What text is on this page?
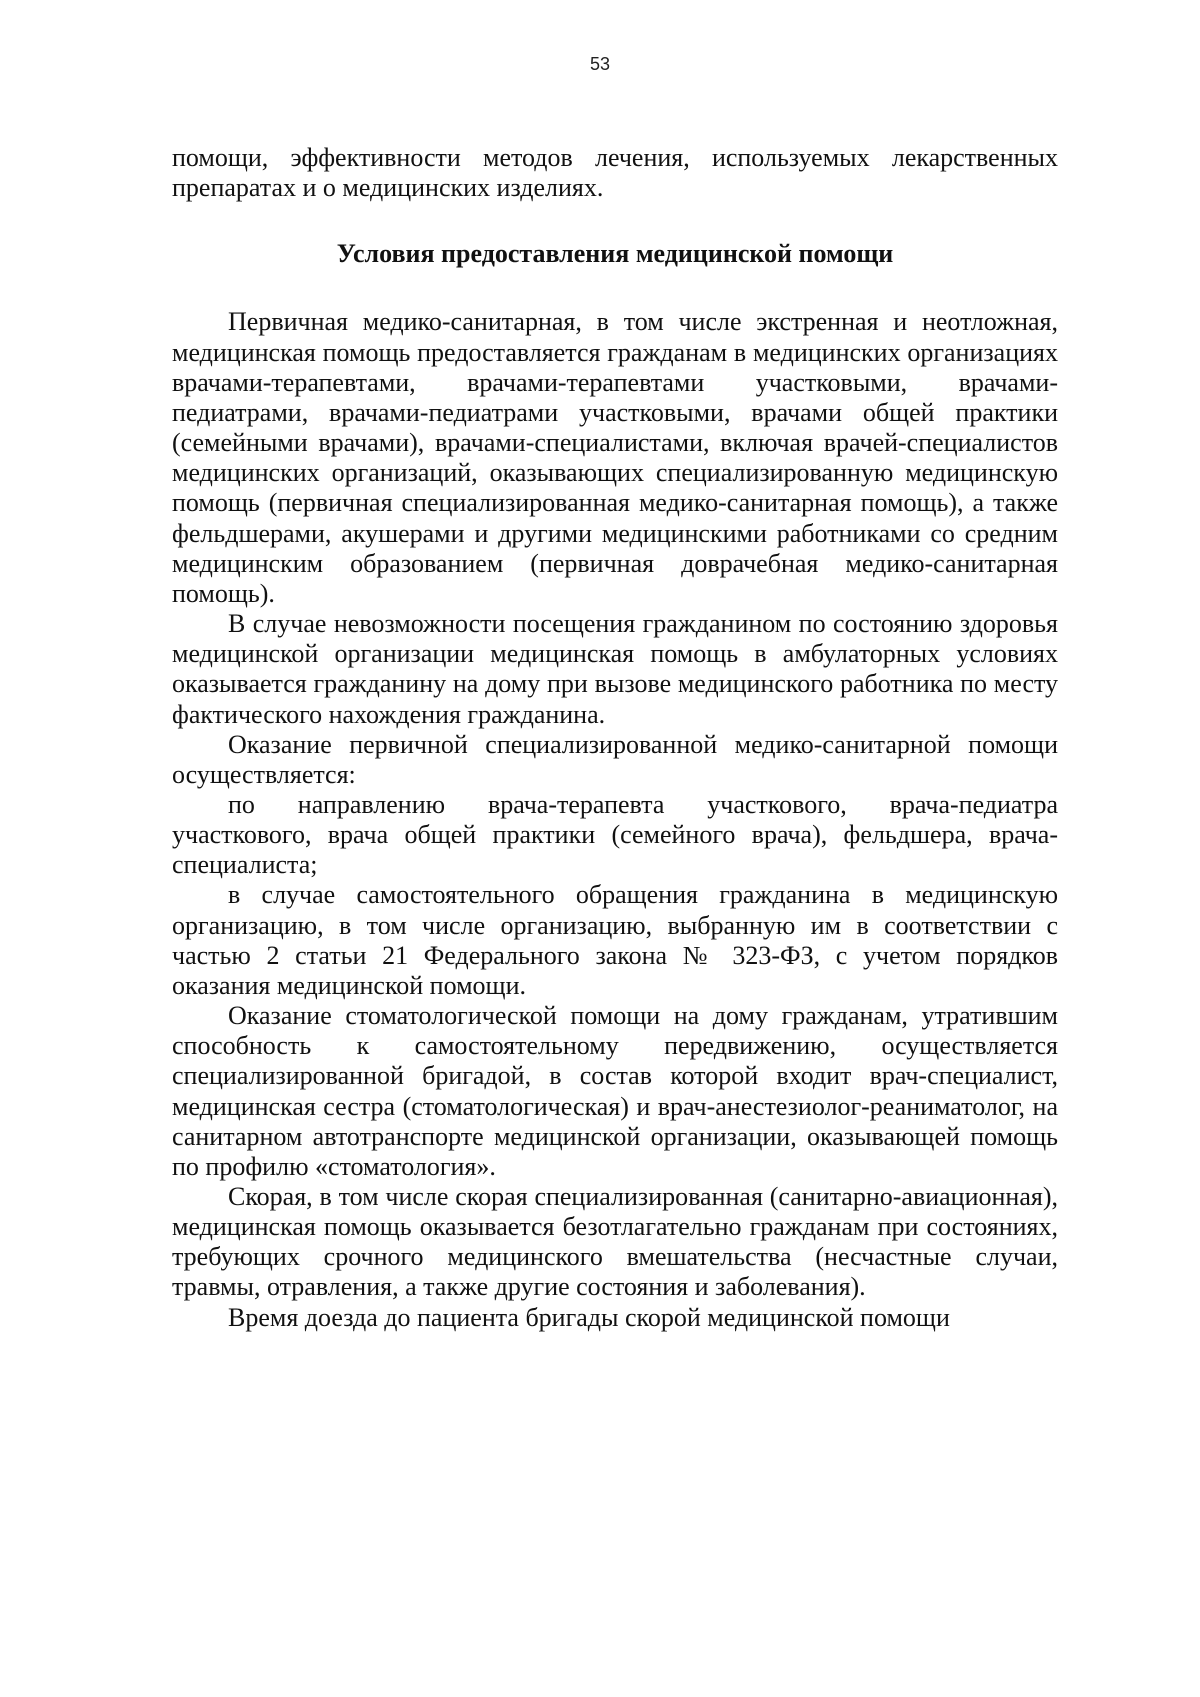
53

помощи, эффективности методов лечения, используемых лекарственных препаратах и о медицинских изделиях.

Условия предоставления медицинской помощи

Первичная медико-санитарная, в том числе экстренная и неотложная, медицинская помощь предоставляется гражданам в медицинских организациях врачами-терапевтами, врачами-терапевтами участковыми, врачами-педиатрами, врачами-педиатрами участковыми, врачами общей практики (семейными врачами), врачами-специалистами, включая врачей-специалистов медицинских организаций, оказывающих специализированную медицинскую помощь (первичная специализированная медико-санитарная помощь), а также фельдшерами, акушерами и другими медицинскими работниками со средним медицинским образованием (первичная доврачебная медико-санитарная помощь).

В случае невозможности посещения гражданином по состоянию здоровья медицинской организации медицинская помощь в амбулаторных условиях оказывается гражданину на дому при вызове медицинского работника по месту фактического нахождения гражданина.

Оказание первичной специализированной медико-санитарной помощи осуществляется:

по направлению врача-терапевта участкового, врача-педиатра участкового, врача общей практики (семейного врача), фельдшера, врача-специалиста;

в случае самостоятельного обращения гражданина в медицинскую организацию, в том числе организацию, выбранную им в соответствии с частью 2 статьи 21 Федерального закона № 323-ФЗ, с учетом порядков оказания медицинской помощи.

Оказание стоматологической помощи на дому гражданам, утратившим способность к самостоятельному передвижению, осуществляется специализированной бригадой, в состав которой входит врач-специалист, медицинская сестра (стоматологическая) и врач-анестезиолог-реаниматолог, на санитарном автотранспорте медицинской организации, оказывающей помощь по профилю «стоматология».

Скорая, в том числе скорая специализированная (санитарно-авиационная), медицинская помощь оказывается безотлагательно гражданам при состояниях, требующих срочного медицинского вмешательства (несчастные случаи, травмы, отравления, а также другие состояния и заболевания).

Время доезда до пациента бригады скорой медицинской помощи
